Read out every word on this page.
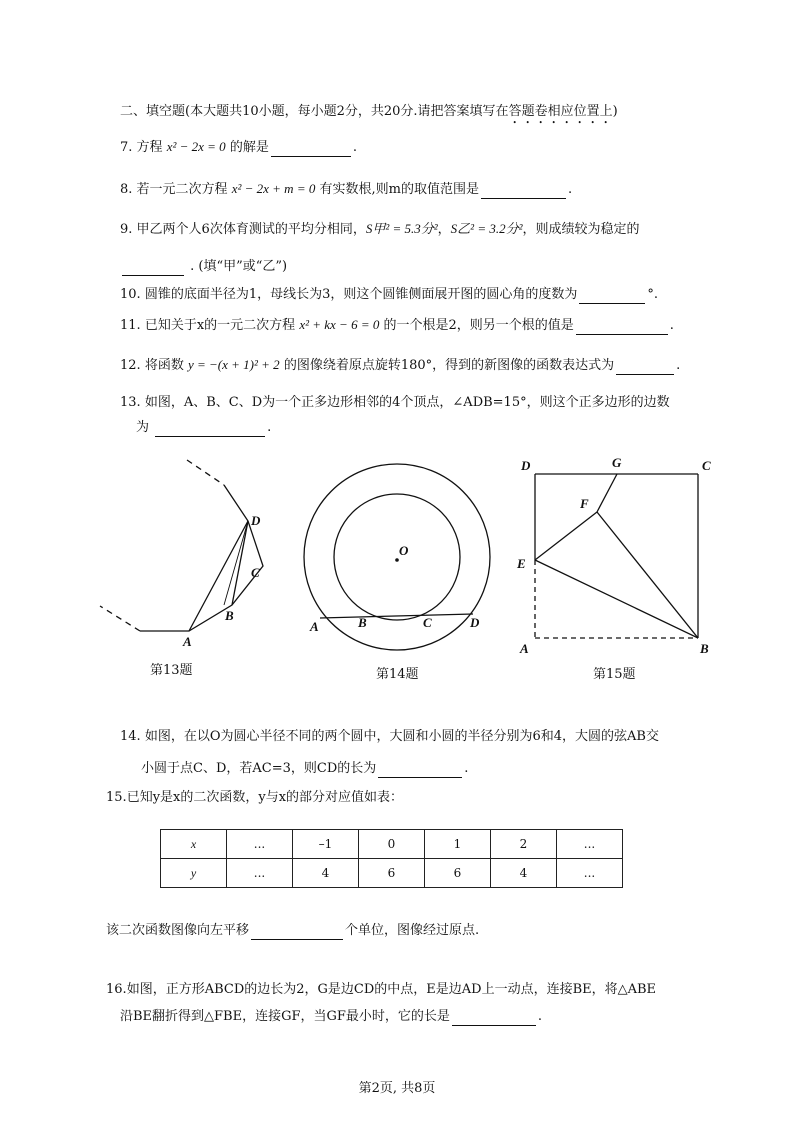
二、填空题(本大题共10小题，每小题2分，共20分.请把答案填写在答题卷相应位置上)
7. 方程 x² − 2x = 0 的解是	.
8. 若一元二次方程 x² − 2x + m = 0 有实数根,则m的取值范围是	.
9. 甲乙两个人6次体育测试的平均分相同，S甲² = 5.3分²，S乙² = 3.2分²，则成绩较为稳定的
. (填“甲”或“乙”)
10. 圆锥的底面半径为1，母线长为3，则这个圆锥侧面展开图的圆心角的度数为	°.
11. 已知关于x的一元二次方程 x² + kx − 6 = 0 的一个根是2，则另一个根的值是	.
12. 将函数 y = −(x + 1)² + 2 的图像绕着原点旋转180°，得到的新图像的函数表达式为	.
13. 如图，A、B、C、D为一个正多边形相邻的4个顶点，∠ADB=15°，则这个正多边形的边数
为	.
A
B
C
D
O
A	B	C	D
D	G	C
F
E
A	B
第13题	第14题	第15题
14. 如图，在以O为圆心半径不同的两个圆中，大圆和小圆的半径分别为6和4，大圆的弦AB交
小圆于点C、D，若AC=3，则CD的长为	.
15.已知y是x的二次函数，y与x的部分对应值如表：
x	...	–1	0	1	2	...
y	...	4	6	6	4	...
该二次函数图像向左平移	个单位，图像经过原点.
16.如图，正方形ABCD的边长为2，G是边CD的中点，E是边AD上一动点，连接BE，将△ABE
沿BE翻折得到△FBE，连接GF，当GF最小时，它的长是	.
第2页, 共8页
